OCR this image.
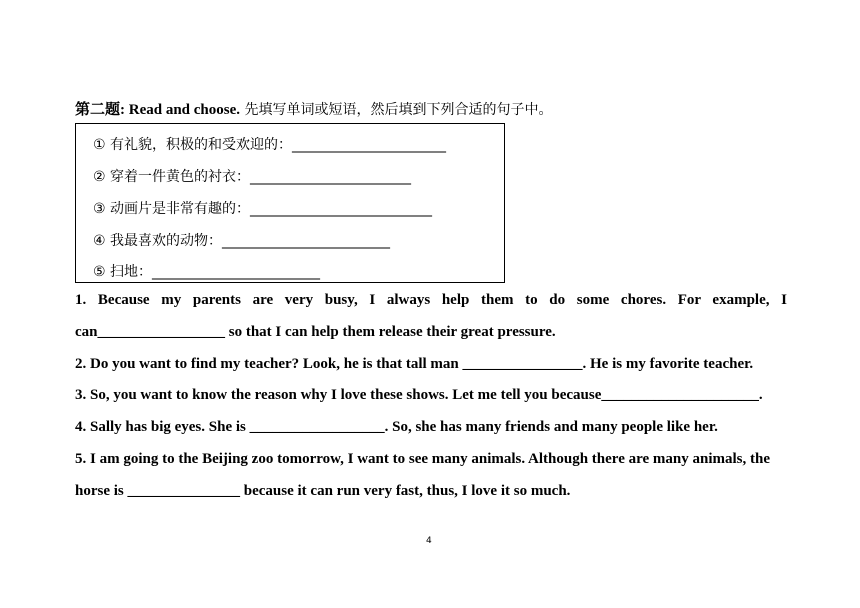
第二题: Read and choose. 先填写单词或短语，然后填到下列合适的句子中。
① 有礼貌，积极的和受欢迎的：______________________
② 穿着一件黄色的衬衣：_______________________
③ 动画片是非常有趣的：__________________________
④ 我最喜欢的动物：________________________
⑤ 扫地：________________________
1. Because my parents are very busy, I always help them to do some chores. For example, I
can_________________ so that I can help them release their great pressure.
2. Do you want to find my teacher? Look, he is that tall man ________________. He is my favorite teacher.
3. So, you want to know the reason why I love these shows. Let me tell you because_____________________.
4. Sally has big eyes. She is __________________. So, she has many friends and many people like her.
5. I am going to the Beijing zoo tomorrow, I want to see many animals. Although there are many animals, the
horse is _______________ because it can run very fast, thus, I love it so much.
4
